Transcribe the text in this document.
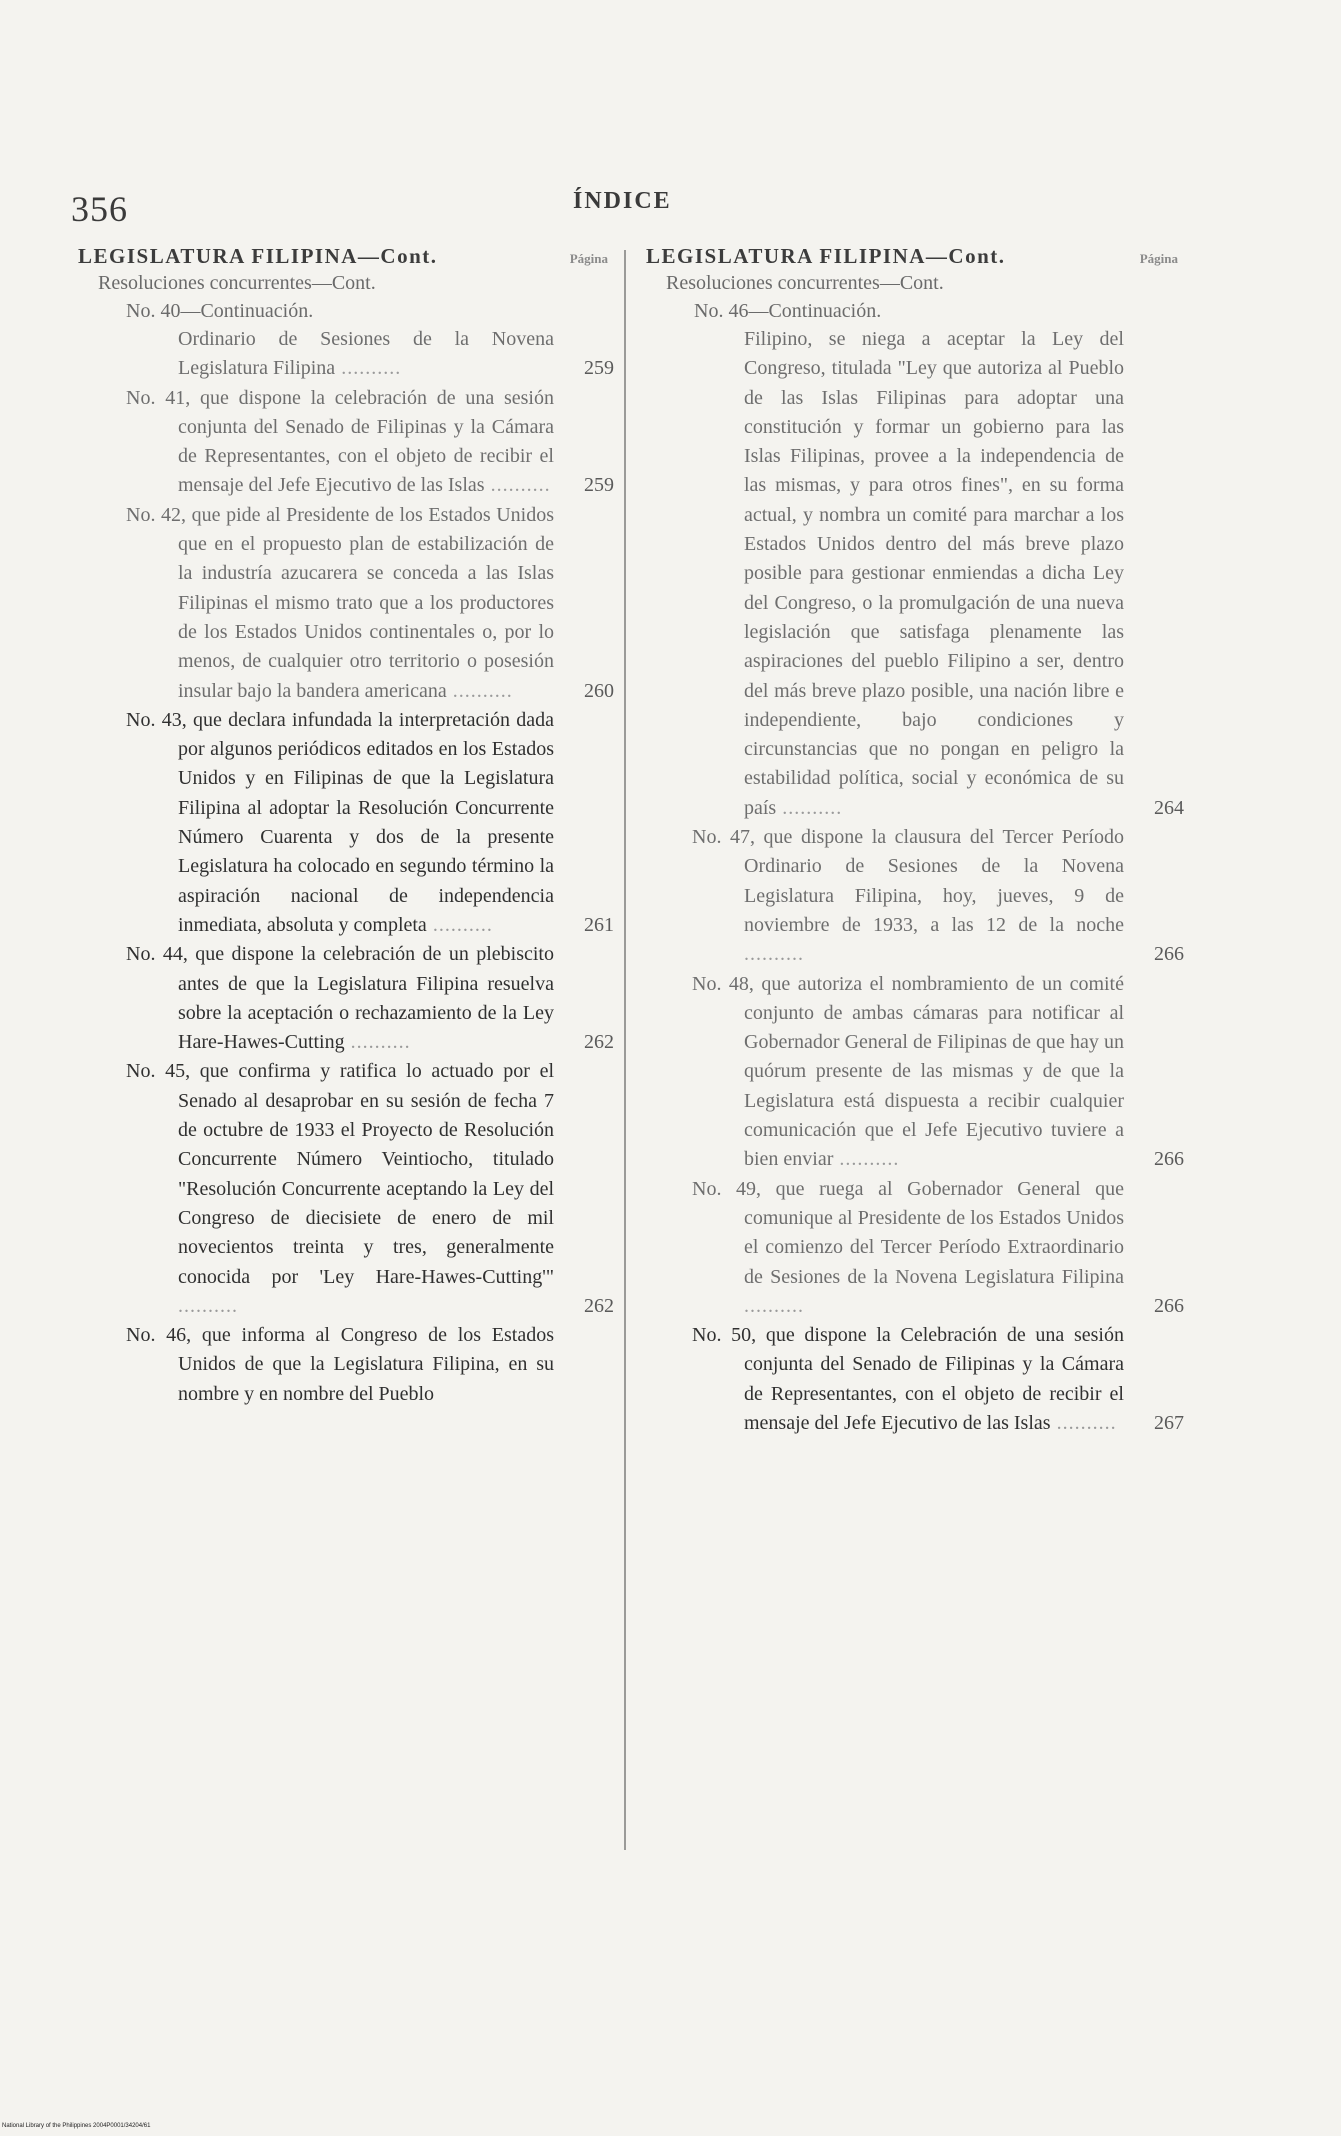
356	ÍNDICE
LEGISLATURA FILIPINA—Cont.	Página
Resoluciones concurrentes—Cont.
No. 40—Continuación.
Ordinario de Sesiones de la Novena Legislatura Filipina ..........	259
No. 41, que dispone la celebración de una sesión conjunta del Senado de Filipinas y la Cámara de Representantes, con el objeto de recibir el mensaje del Jefe Ejecutivo de las Islas ..........	259
No. 42, que pide al Presidente de los Estados Unidos que en el propuesto plan de estabilización de la industría azucarera se conceda a las Islas Filipinas el mismo trato que a los productores de los Estados Unidos continentales o, por lo menos, de cualquier otro territorio o posesión insular bajo la bandera americana ..........	260
No. 43, que declara infundada la interpretación dada por algunos periódicos editados en los Estados Unidos y en Filipinas de que la Legislatura Filipina al adoptar la Resolución Concurrente Número Cuarenta y dos de la presente Legislatura ha colocado en segundo término la aspiración nacional de independencia inmediata, absoluta y completa ..........	261
No. 44, que dispone la celebración de un plebiscito antes de que la Legislatura Filipina resuelva sobre la aceptación o rechazamiento de la Ley Hare-Hawes-Cutting ..........	262
No. 45, que confirma y ratifica lo actuado por el Senado al desaprobar en su sesión de fecha 7 de octubre de 1933 el Proyecto de Resolución Concurrente Número Veintiocho, titulado "Resolución Concurrente aceptando la Ley del Congreso de diecisiete de enero de mil novecientos treinta y tres, generalmente conocida por 'Ley Hare-Hawes-Cutting'" ..........	262
No. 46, que informa al Congreso de los Estados Unidos de que la Legislatura Filipina, en su nombre y en nombre del Pueblo
LEGISLATURA FILIPINA—Cont.	Página
Resoluciones concurrentes—Cont.
No. 46—Continuación.
Filipino, se niega a aceptar la Ley del Congreso, titulada "Ley que autoriza al Pueblo de las Islas Filipinas para adoptar una constitución y formar un gobierno para las Islas Filipinas, provee a la independencia de las mismas, y para otros fines", en su forma actual, y nombra un comité para marchar a los Estados Unidos dentro del más breve plazo posible para gestionar enmiendas a dicha Ley del Congreso, o la promulgación de una nueva legislación que satisfaga plenamente las aspiraciones del pueblo Filipino a ser, dentro del más breve plazo posible, una nación libre e independiente, bajo condiciones y circunstancias que no pongan en peligro la estabilidad política, social y económica de su país ..........	264
No. 47, que dispone la clausura del Tercer Período Ordinario de Sesiones de la Novena Legislatura Filipina, hoy, jueves, 9 de noviembre de 1933, a las 12 de la noche ..........	266
No. 48, que autoriza el nombramiento de un comité conjunto de ambas cámaras para notificar al Gobernador General de Filipinas de que hay un quórum presente de las mismas y de que la Legislatura está dispuesta a recibir cualquier comunicación que el Jefe Ejecutivo tuviere a bien enviar ..........	266
No. 49, que ruega al Gobernador General que comunique al Presidente de los Estados Unidos el comienzo del Tercer Período Extraordinario de Sesiones de la Novena Legislatura Filipina ..........	266
No. 50, que dispone la Celebración de una sesión conjunta del Senado de Filipinas y la Cámara de Representantes, con el objeto de recibir el mensaje del Jefe Ejecutivo de las Islas ..........	267
National Library of the Philippines 2004P0001/34204/61
